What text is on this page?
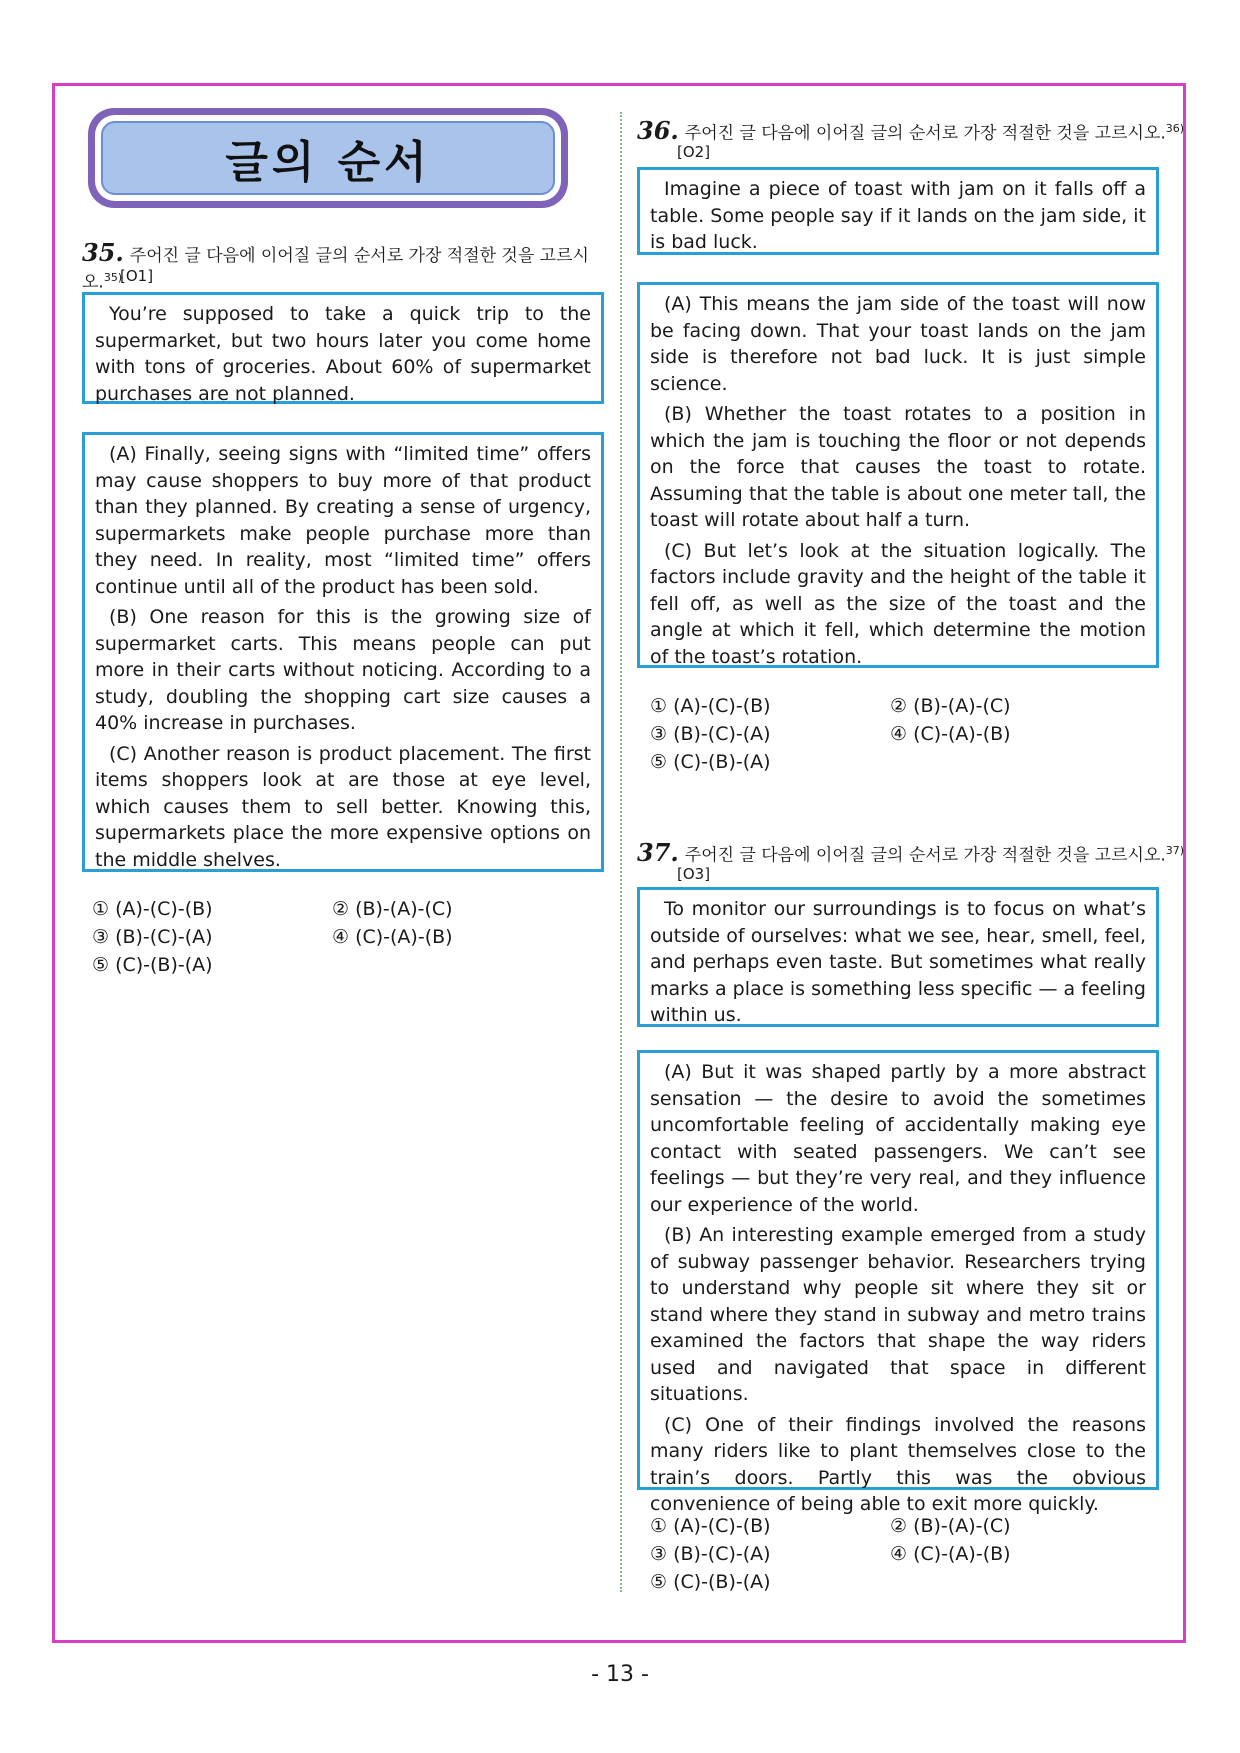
글의 순서
35. 주어진 글 다음에 이어질 글의 순서로 가장 적절한 것을 고르시오.$^{35)}$
[O1]

You’re supposed to take a quick trip to the supermarket, but two hours later you come home with tons of groceries. About 60% of supermarket purchases are not planned.

(A) Finally, seeing signs with “limited time” offers may cause shoppers to buy more of that product than they planned. By creating a sense of urgency, supermarkets make people purchase more than they need. In reality, most “limited time” offers continue until all of the product has been sold.

(B) One reason for this is the growing size of supermarket carts. This means people can put more in their carts without noticing. According to a study, doubling the shopping cart size causes a 40% increase in purchases.

(C) Another reason is product placement. The first items shoppers look at are those at eye level, which causes them to sell better. Knowing this, supermarkets place the more expensive options on the middle shelves.

① (A)-(C)-(B)	② (B)-(A)-(C)
③ (B)-(C)-(A)	④ (C)-(A)-(B)
⑤ (C)-(B)-(A)
36. 주어진 글 다음에 이어질 글의 순서로 가장 적절한 것을 고르시오.$^{36)}$
[O2]

Imagine a piece of toast with jam on it falls off a table. Some people say if it lands on the jam side, it is bad luck.

(A) This means the jam side of the toast will now be facing down. That your toast lands on the jam side is therefore not bad luck. It is just simple science.

(B) Whether the toast rotates to a position in which the jam is touching the floor or not depends on the force that causes the toast to rotate. Assuming that the table is about one meter tall, the toast will rotate about half a turn.

(C) But let’s look at the situation logically. The factors include gravity and the height of the table it fell off, as well as the size of the toast and the angle at which it fell, which determine the motion of the toast’s rotation.

① (A)-(C)-(B)	② (B)-(A)-(C)
③ (B)-(C)-(A)	④ (C)-(A)-(B)
⑤ (C)-(B)-(A)
37. 주어진 글 다음에 이어질 글의 순서로 가장 적절한 것을 고르시오.$^{37)}$
[O3]

To monitor our surroundings is to focus on what’s outside of ourselves: what we see, hear, smell, feel, and perhaps even taste. But sometimes what really marks a place is something less specific — a feeling within us.

(A) But it was shaped partly by a more abstract sensation — the desire to avoid the sometimes uncomfortable feeling of accidentally making eye contact with seated passengers. We can’t see feelings — but they’re very real, and they influence our experience of the world.

(B) An interesting example emerged from a study of subway passenger behavior. Researchers trying to understand why people sit where they sit or stand where they stand in subway and metro trains examined the factors that shape the way riders used and navigated that space in different situations.

(C) One of their findings involved the reasons many riders like to plant themselves close to the train’s doors. Partly this was the obvious convenience of being able to exit more quickly.

① (A)-(C)-(B)	② (B)-(A)-(C)
③ (B)-(C)-(A)	④ (C)-(A)-(B)
⑤ (C)-(B)-(A)
- 13 -
